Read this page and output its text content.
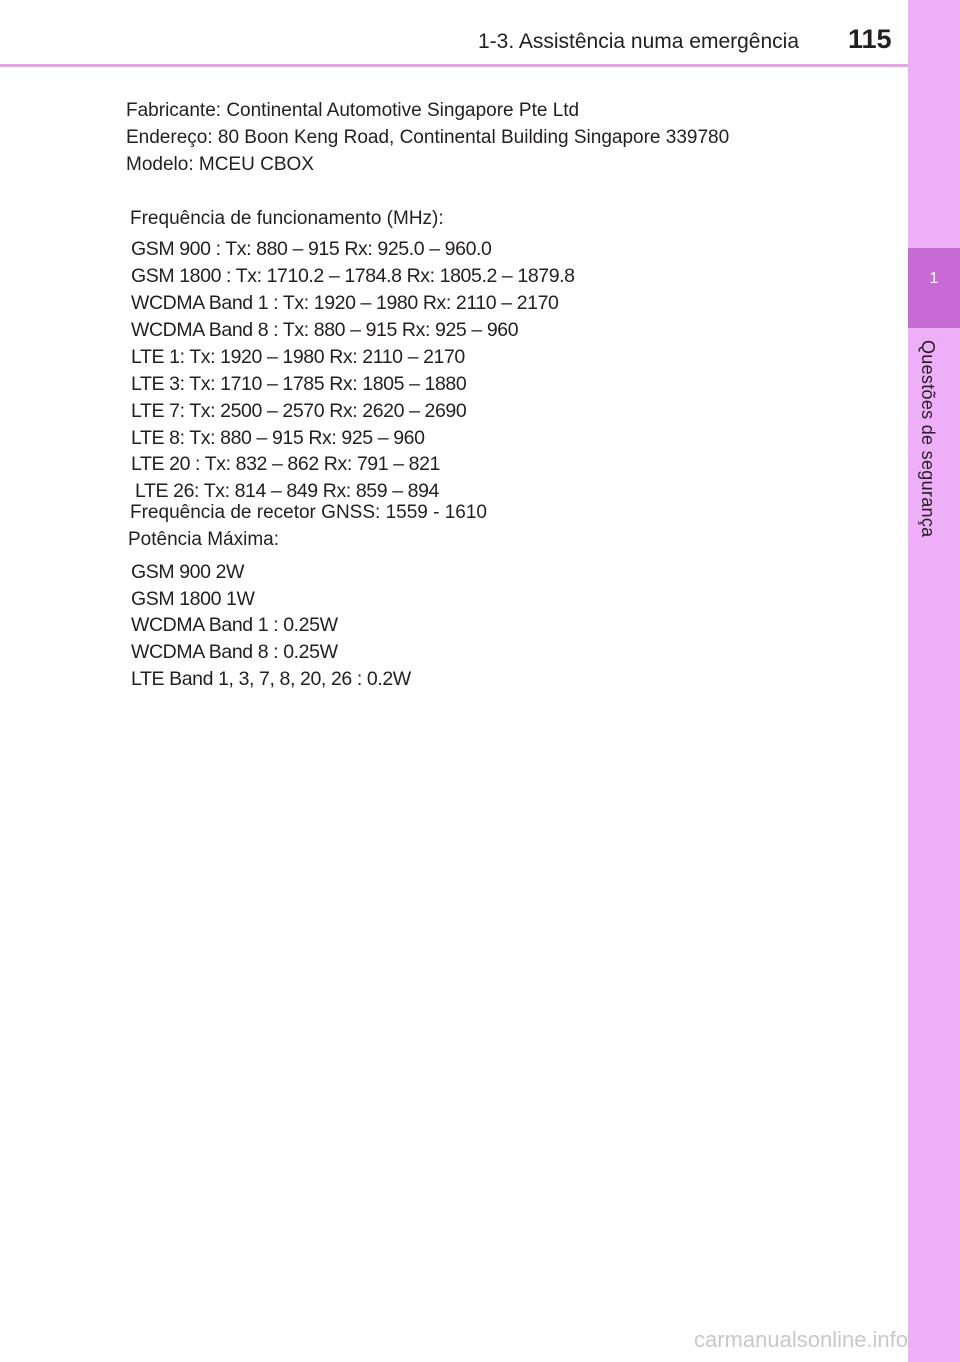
1-3. Assistência numa emergência 115
1
Questões de segurança
Fabricante: Continental Automotive Singapore Pte Ltd
Endereço: 80 Boon Keng Road, Continental Building Singapore 339780
Modelo: MCEU CBOX
Frequência de funcionamento (MHz):
GSM 900 : Tx: 880 – 915 Rx: 925.0 – 960.0
GSM 1800 : Tx: 1710.2 – 1784.8 Rx: 1805.2 – 1879.8
WCDMA Band 1 : Tx: 1920 – 1980 Rx: 2110 – 2170
WCDMA Band 8 : Tx: 880 – 915 Rx: 925 – 960
LTE 1: Tx: 1920 – 1980 Rx: 2110 – 2170
LTE 3: Tx: 1710 – 1785 Rx: 1805 – 1880
LTE 7: Tx: 2500 – 2570 Rx: 2620 – 2690
LTE 8: Tx: 880 – 915 Rx: 925 – 960
LTE 20 : Tx: 832 – 862 Rx: 791 – 821
LTE 26: Tx: 814 – 849 Rx: 859 – 894
Frequência de recetor GNSS: 1559 - 1610
Potência Máxima:
GSM 900 2W
GSM 1800 1W
WCDMA Band 1 : 0.25W
WCDMA Band 8 : 0.25W
LTE Band 1, 3, 7, 8, 20, 26 : 0.2W
carmanualsonline.info
